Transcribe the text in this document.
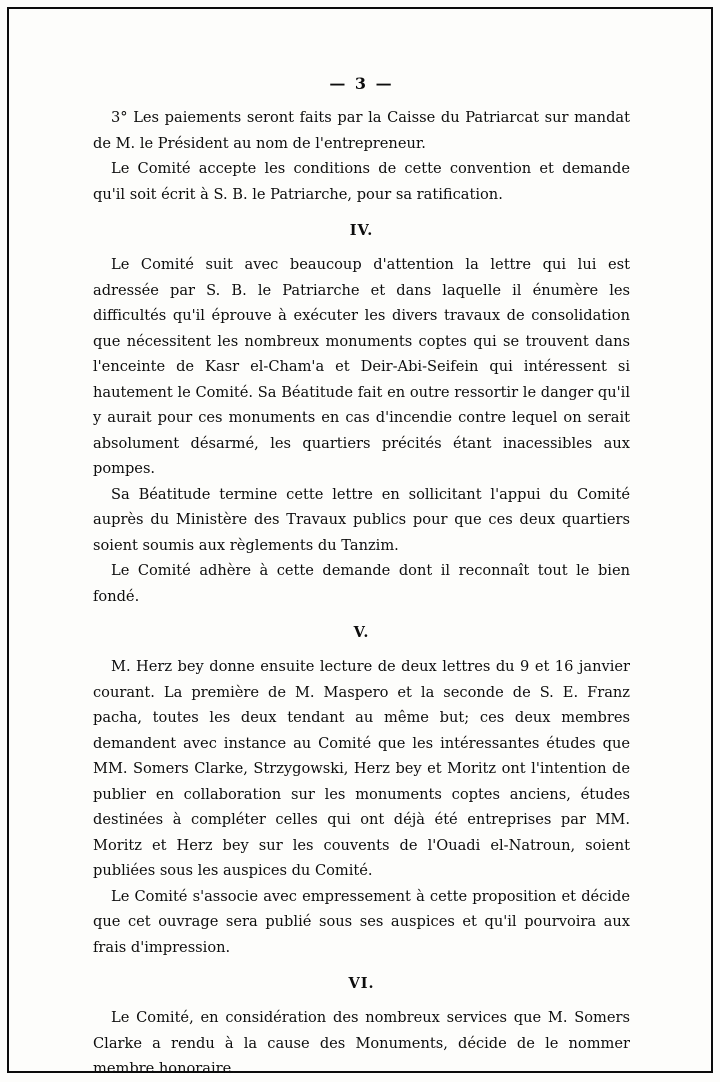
— 3 —

3° Les paiements seront faits par la Caisse du Patriarcat sur mandat de M. le Président au nom de l'entrepreneur.

Le Comité accepte les conditions de cette convention et demande qu'il soit écrit à S. B. le Patriarche, pour sa ratification.

IV.

Le Comité suit avec beaucoup d'attention la lettre qui lui est adressée par S. B. le Patriarche et dans laquelle il énumère les difficultés qu'il éprouve à exécuter les divers travaux de consolidation que nécessitent les nombreux monuments coptes qui se trouvent dans l'enceinte de Kasr el-Cham'a et Deir-Abi-Seifein qui intéressent si hautement le Comité. Sa Béatitude fait en outre ressortir le danger qu'il y aurait pour ces monuments en cas d'incendie contre lequel on serait absolument désarmé, les quartiers précités étant inacessibles aux pompes.

Sa Béatitude termine cette lettre en sollicitant l'appui du Comité auprès du Ministère des Travaux publics pour que ces deux quartiers soient soumis aux règlements du Tanzim.

Le Comité adhère à cette demande dont il reconnaît tout le bien fondé.

V.

M. Herz bey donne ensuite lecture de deux lettres du 9 et 16 janvier courant. La première de M. Maspero et la seconde de S. E. Franz pacha, toutes les deux tendant au même but; ces deux membres demandent avec instance au Comité que les intéressantes études que MM. Somers Clarke, Strzygowski, Herz bey et Moritz ont l'intention de publier en collaboration sur les monuments coptes anciens, études destinées à compléter celles qui ont déjà été entreprises par MM. Moritz et Herz bey sur les couvents de l'Ouadi el-Natroun, soient publiées sous les auspices du Comité.

Le Comité s'associe avec empressement à cette proposition et décide que cet ouvrage sera publié sous ses auspices et qu'il pourvoira aux frais d'impression.

VI.

Le Comité, en considération des nombreux services que M. Somers Clarke a rendu à la cause des Monuments, décide de le nommer membre honoraire.
